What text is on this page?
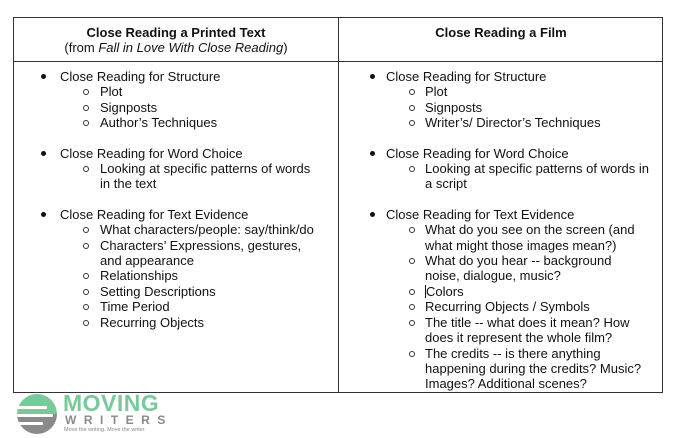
Close Reading a Printed Text
(from Fall in Love With Close Reading)
Close Reading a Film
Close Reading for Structure
Plot
Signposts
Author’s Techniques
Close Reading for Word Choice
Looking at specific patterns of words in the text
Close Reading for Text Evidence
What characters/people: say/think/do
Characters’ Expressions, gestures, and appearance
Relationships
Setting Descriptions
Time Period
Recurring Objects
MOVING
WRITERS
Move the writing. Move the writer.
Close Reading for Structure
Plot
Signposts
Writer’s/ Director’s Techniques
Close Reading for Word Choice
Looking at specific patterns of words in a script
Close Reading for Text Evidence
What do you see on the screen (and what might those images mean?)
What do you hear -- background noise, dialogue, music?
Colors
Recurring Objects / Symbols
The title -- what does it mean? How does it represent the whole film?
The credits -- is there anything happening during the credits? Music? Images? Additional scenes?
